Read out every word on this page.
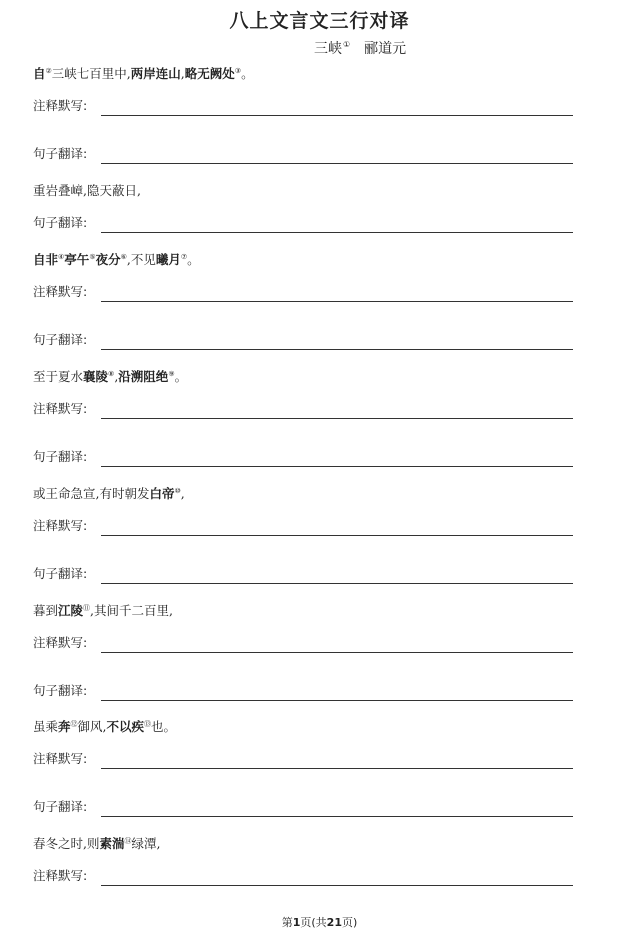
八上文言文三行对译
三峡① 郦道元
自②三峡七百里中,两岸连山,略无阙处③。
注释默写:
句子翻译:
重岩叠嶂,隐天蔽日,
句子翻译:
自非④亭午⑤夜分⑥,不见曦月⑦。
注释默写:
句子翻译:
至于夏水襄陵⑧,沿溯阻绝⑨。
注释默写:
句子翻译:
或王命急宣,有时朝发白帝⑩,
注释默写:
句子翻译:
暮到江陵⑪,其间千二百里,
注释默写:
句子翻译:
虽乘奔⑫御风,不以疾⑬也。
注释默写:
句子翻译:
春冬之时,则素湍⑭绿潭,
注释默写:
第1页(共21页)
